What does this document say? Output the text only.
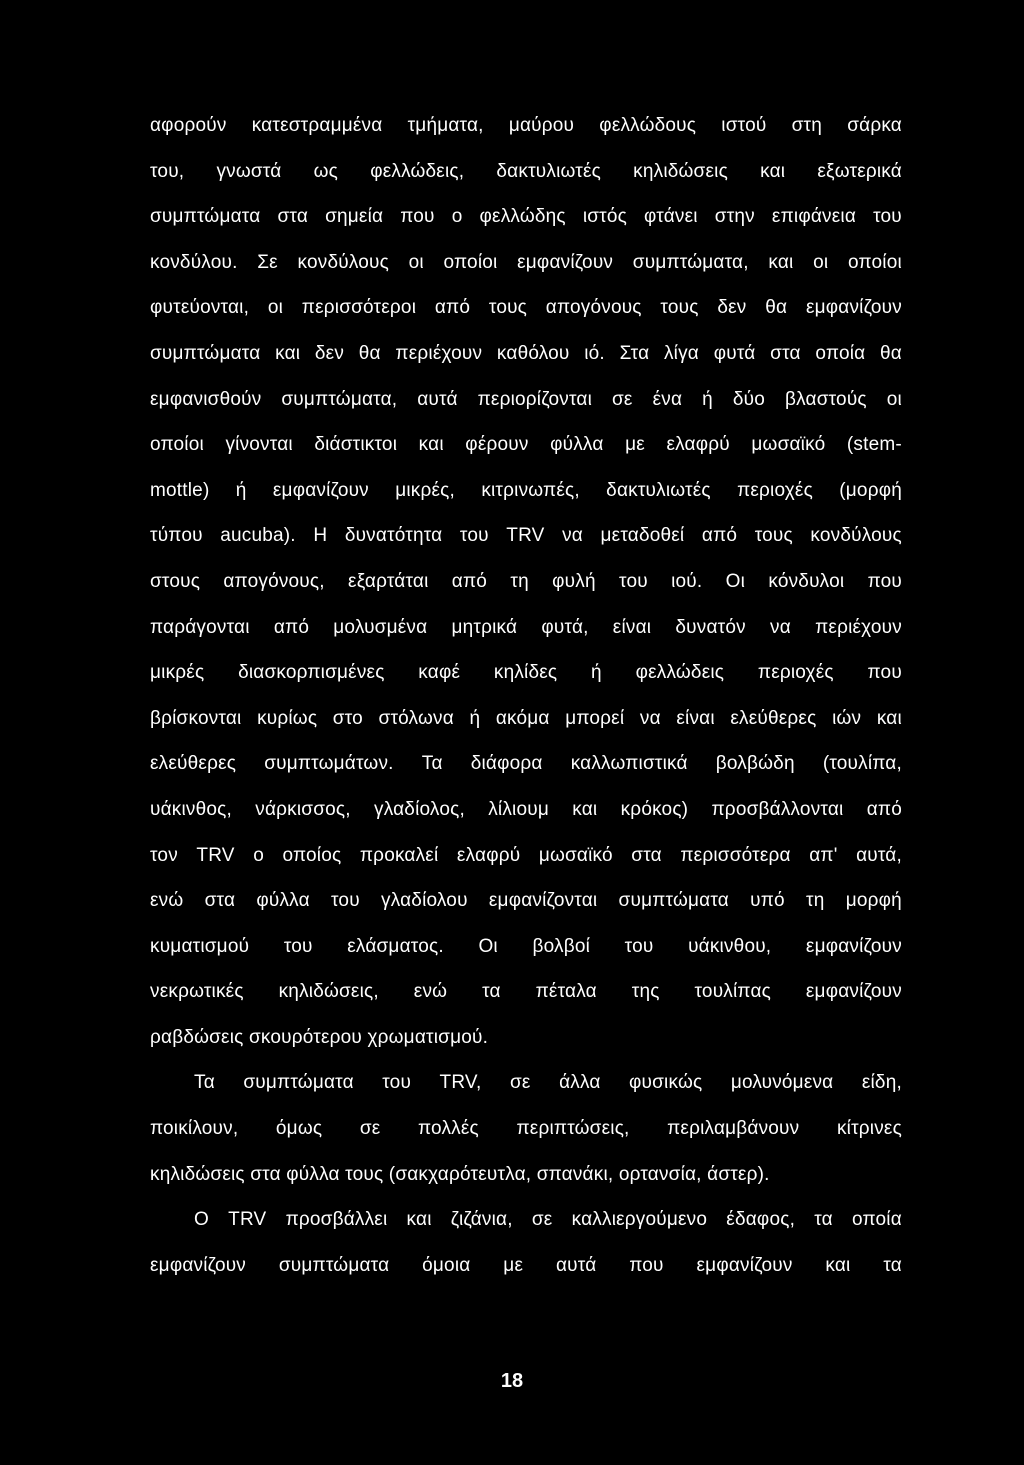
αφορούν κατεστραμμένα τμήματα, μαύρου φελλώδους ιστού στη σάρκα
του, γνωστά ως φελλώδεις, δακτυλιωτές κηλιδώσεις και εξωτερικά
συμπτώματα στα σημεία που ο φελλώδης ιστός φτάνει στην επιφάνεια του
κονδύλου. Σε κονδύλους οι οποίοι εμφανίζουν συμπτώματα, και οι οποίοι
φυτεύονται, οι περισσότεροι από τους απογόνους τους δεν θα εμφανίζουν
συμπτώματα και δεν θα περιέχουν καθόλου ιό. Στα λίγα φυτά στα οποία θα
εμφανισθούν συμπτώματα, αυτά περιορίζονται σε ένα ή δύο βλαστούς οι
οποίοι γίνονται διάστικτοι και φέρουν φύλλα με ελαφρύ μωσαϊκό (stem-
mottle) ή εμφανίζουν μικρές, κιτρινωπές, δακτυλιωτές περιοχές (μορφή
τύπου aucuba). Η δυνατότητα του TRV να μεταδοθεί από τους κονδύλους
στους απογόνους, εξαρτάται από τη φυλή του ιού. Οι κόνδυλοι που
παράγονται από μολυσμένα μητρικά φυτά, είναι δυνατόν να περιέχουν
μικρές διασκορπισμένες καφέ κηλίδες ή φελλώδεις περιοχές που
βρίσκονται κυρίως στο στόλωνα ή ακόμα μπορεί να είναι ελεύθερες ιών και
ελεύθερες συμπτωμάτων. Τα διάφορα καλλωπιστικά βολβώδη (τουλίπα,
υάκινθος, νάρκισσος, γλαδίολος, λίλιουμ και κρόκος) προσβάλλονται από
τον TRV ο οποίος προκαλεί ελαφρύ μωσαϊκό στα περισσότερα απ' αυτά,
ενώ στα φύλλα του γλαδίολου εμφανίζονται συμπτώματα υπό τη μορφή
κυματισμού του ελάσματος. Οι βολβοί του υάκινθου, εμφανίζουν
νεκρωτικές κηλιδώσεις, ενώ τα πέταλα της τουλίπας εμφανίζουν
ραβδώσεις σκουρότερου χρωματισμού.
Τα συμπτώματα του TRV, σε άλλα φυσικώς μολυνόμενα είδη,
ποικίλουν, όμως σε πολλές περιπτώσεις, περιλαμβάνουν κίτρινες
κηλιδώσεις στα φύλλα τους (σακχαρότευτλα, σπανάκι, ορτανσία, άστερ).
Ο TRV προσβάλλει και ζιζάνια, σε καλλιεργούμενο έδαφος, τα οποία
εμφανίζουν συμπτώματα όμοια με αυτά που εμφανίζουν και τα
18
